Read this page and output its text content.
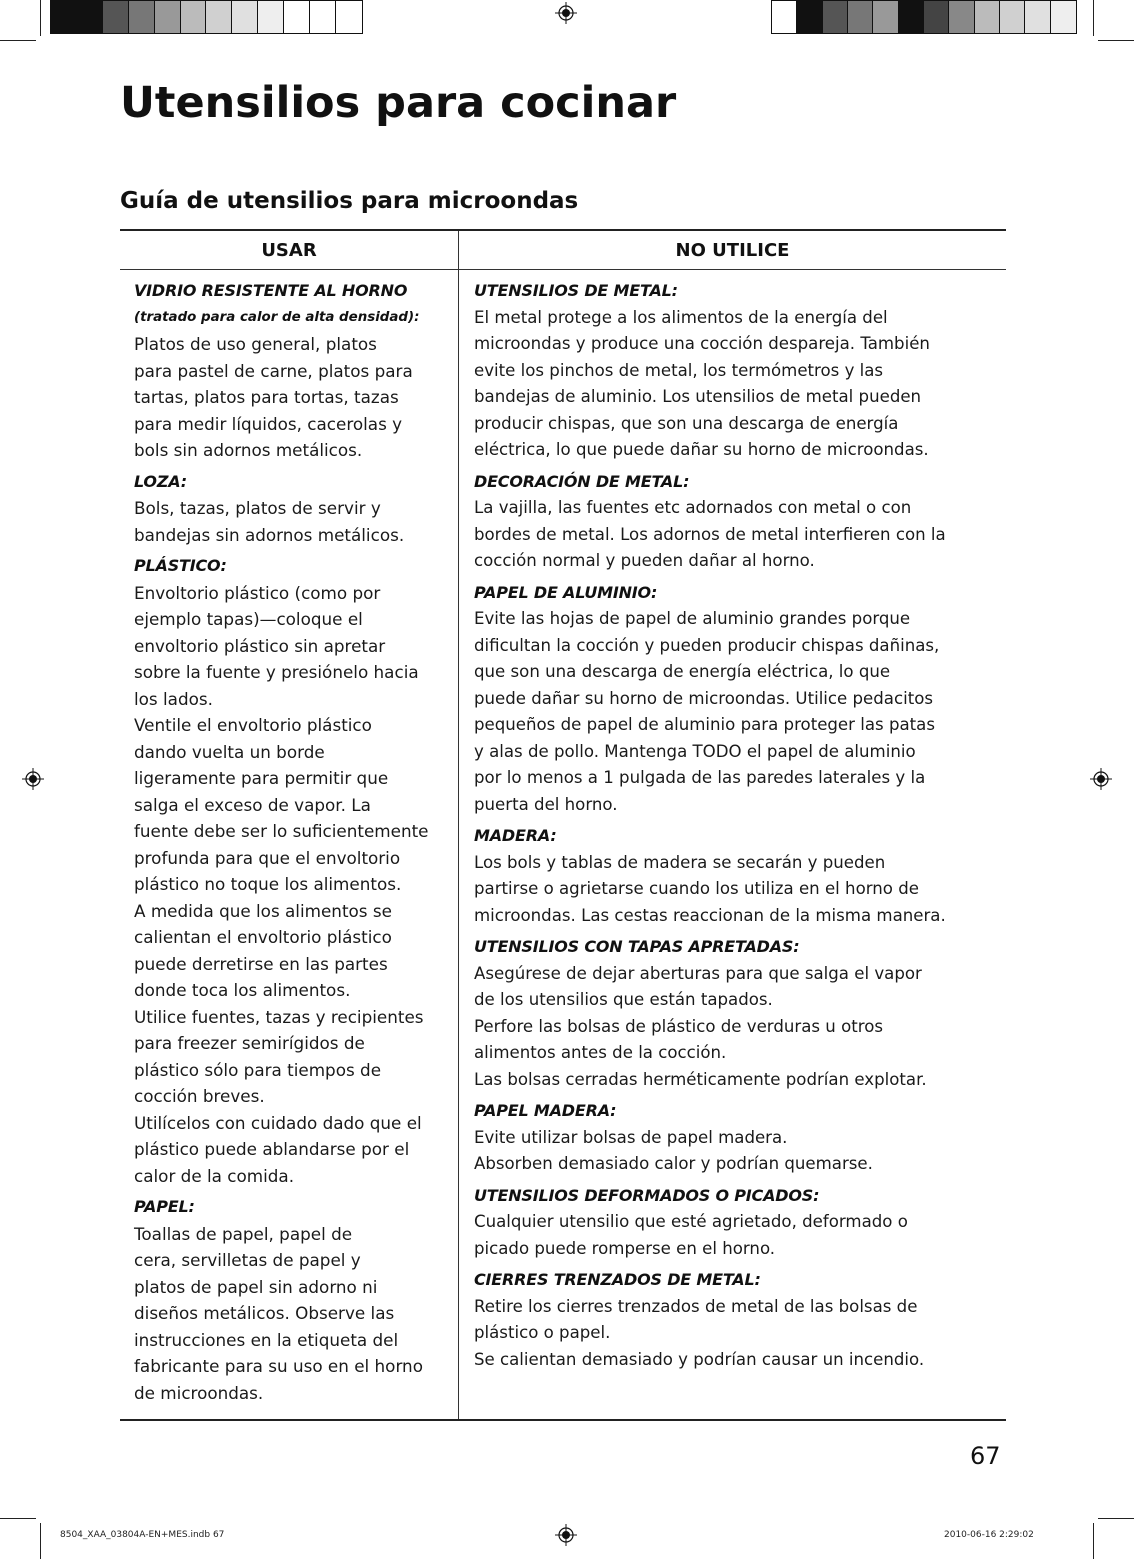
Utensilios para cocinar
Guía de utensilios para microondas
USAR	NO UTILICE
VIDRIO RESISTENTE AL HORNO
(tratado para calor de alta densidad):
Platos de uso general, platos
para pastel de carne, platos para
tartas, platos para tortas, tazas
para medir líquidos, cacerolas y
bols sin adornos metálicos.
LOZA:
Bols, tazas, platos de servir y
bandejas sin adornos metálicos.
PLÁSTICO:
Envoltorio plástico (como por
ejemplo tapas)—coloque el
envoltorio plástico sin apretar
sobre la fuente y presiónelo hacia
los lados.
Ventile el envoltorio plástico
dando vuelta un borde
ligeramente para permitir que
salga el exceso de vapor. La
fuente debe ser lo suficientemente
profunda para que el envoltorio
plástico no toque los alimentos.
A medida que los alimentos se
calientan el envoltorio plástico
puede derretirse en las partes
donde toca los alimentos.
Utilice fuentes, tazas y recipientes
para freezer semirígidos de
plástico sólo para tiempos de
cocción breves.
Utilícelos con cuidado dado que el
plástico puede ablandarse por el
calor de la comida.
PAPEL:
Toallas de papel, papel de
cera, servilletas de papel y
platos de papel sin adorno ni
diseños metálicos. Observe las
instrucciones en la etiqueta del
fabricante para su uso en el horno
de microondas.
UTENSILIOS DE METAL:
El metal protege a los alimentos de la energía del
microondas y produce una cocción despareja. También
evite los pinchos de metal, los termómetros y las
bandejas de aluminio. Los utensilios de metal pueden
producir chispas, que son una descarga de energía
eléctrica, lo que puede dañar su horno de microondas.
DECORACIÓN DE METAL:
La vajilla, las fuentes etc adornados con metal o con
bordes de metal. Los adornos de metal interfieren con la
cocción normal y pueden dañar al horno.
PAPEL DE ALUMINIO:
Evite las hojas de papel de aluminio grandes porque
dificultan la cocción y pueden producir chispas dañinas,
que son una descarga de energía eléctrica, lo que
puede dañar su horno de microondas. Utilice pedacitos
pequeños de papel de aluminio para proteger las patas
y alas de pollo. Mantenga TODO el papel de aluminio
por lo menos a 1 pulgada de las paredes laterales y la
puerta del horno.
MADERA:
Los bols y tablas de madera se secarán y pueden
partirse o agrietarse cuando los utiliza en el horno de
microondas. Las cestas reaccionan de la misma manera.
UTENSILIOS CON TAPAS APRETADAS:
Asegúrese de dejar aberturas para que salga el vapor
de los utensilios que están tapados.
Perfore las bolsas de plástico de verduras u otros
alimentos antes de la cocción.
Las bolsas cerradas herméticamente podrían explotar.
PAPEL MADERA:
Evite utilizar bolsas de papel madera.
Absorben demasiado calor y podrían quemarse.
UTENSILIOS DEFORMADOS O PICADOS:
Cualquier utensilio que esté agrietado, deformado o
picado puede romperse en el horno.
CIERRES TRENZADOS DE METAL:
Retire los cierres trenzados de metal de las bolsas de
plástico o papel.
Se calientan demasiado y podrían causar un incendio.
67
8504_XAA_03804A-EN+MES.indb 67	2010-06-16 2:29:02
